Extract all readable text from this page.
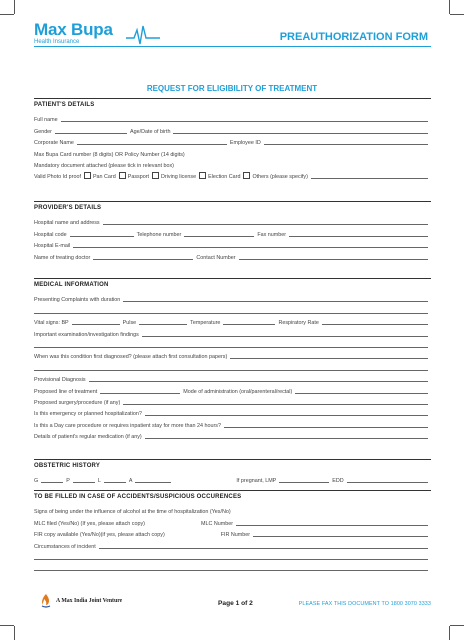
Max Bupa
Health Insurance	PREAUTHORIZATION FORM
REQUEST FOR ELIGIBILITY OF TREATMENT
PATIENT'S DETAILS
Full name
Gender	Age/Date of birth
Corporate Name	Employee ID
Max Bupa Card number (8 digits) OR Policy Number (14 digits)
Mandatory document attached (please tick in relevant box)
Valid Photo Id proof Pan Card Passport Driving license Election Card Others (please specify)
PROVIDER'S DETAILS
Hospital name and address
Hospital code	Telephone number	Fax number
Hospital E-mail
Name of treating doctor	Contact Number
MEDICAL INFORMATION
Presenting Complaints with duration
Vital signs: BP	Pulse	Temperature	Respiratory Rate
Important examination/investigation findings
When was this condition first diagnosed? (please attach first consultation papers)
Provisional Diagnosis
Proposed line of treatment	Mode of administration (oral/parenteral/rectal)
Proposed surgery/procedure (if any)
Is this emergency or planned hospitalization?
Is this a Day care procedure or requires inpatient stay for more than 24 hours?
Details of patient's regular medication (if any)
OBSTETRIC HISTORY
G	P	L	A	If pregnant, LMP	EDD
TO BE FILLED IN CASE OF ACCIDENTS/SUSPICIOUS OCCURENCES
Signs of being under the influence of alcohol at the time of hospitalization (Yes/No)
MLC filed (Yes/No) (If yes, please attach copy)	MLC Number
FIR copy available (Yes/No)(if yes, please attach copy)	FIR Number
Circumstances of incident
A Max India Joint Venture	Page 1 of 2	PLEASE FAX THIS DOCUMENT TO 1800 3070 3333
